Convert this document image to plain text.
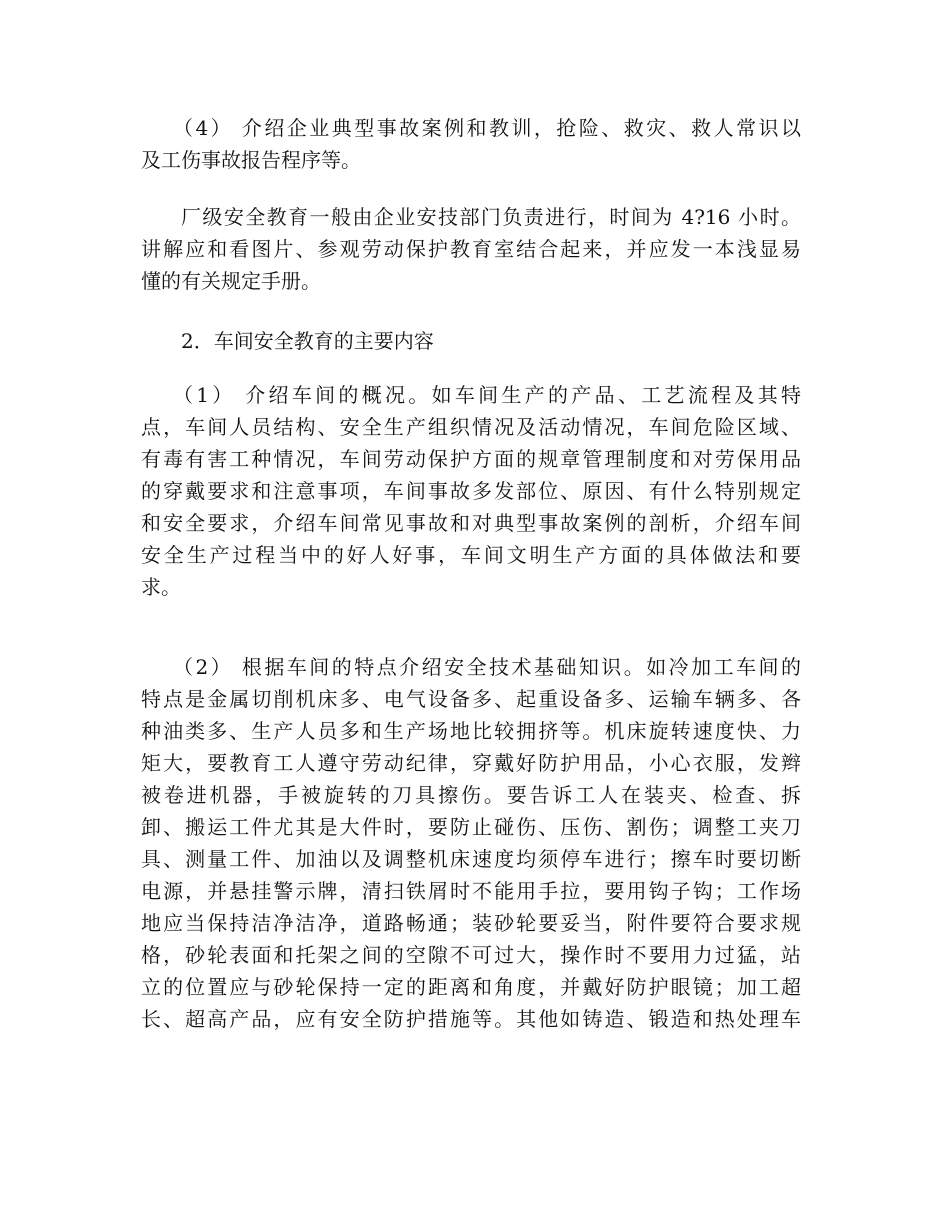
（4） 介绍企业典型事故案例和教训，抢险、救灾、救人常识以
及工伤事故报告程序等。
厂级安全教育一般由企业安技部门负责进行，时间为 4?16 小时。
讲解应和看图片、参观劳动保护教育室结合起来，并应发一本浅显易
懂的有关规定手册。
2．车间安全教育的主要内容
（1） 介绍车间的概况。如车间生产的产品、工艺流程及其特
点，车间人员结构、安全生产组织情况及活动情况，车间危险区域、
有毒有害工种情况，车间劳动保护方面的规章管理制度和对劳保用品
的穿戴要求和注意事项，车间事故多发部位、原因、有什么特别规定
和安全要求，介绍车间常见事故和对典型事故案例的剖析，介绍车间
安全生产过程当中的好人好事，车间文明生产方面的具体做法和要
求。
（2） 根据车间的特点介绍安全技术基础知识。如冷加工车间的
特点是金属切削机床多、电气设备多、起重设备多、运输车辆多、各
种油类多、生产人员多和生产场地比较拥挤等。机床旋转速度快、力
矩大，要教育工人遵守劳动纪律，穿戴好防护用品，小心衣服，发辫
被卷进机器，手被旋转的刀具擦伤。要告诉工人在装夹、检查、拆
卸、搬运工件尤其是大件时，要防止碰伤、压伤、割伤；调整工夹刀
具、测量工件、加油以及调整机床速度均须停车进行；擦车时要切断
电源，并悬挂警示牌，清扫铁屑时不能用手拉，要用钩子钩；工作场
地应当保持洁净洁净，道路畅通；装砂轮要妥当，附件要符合要求规
格，砂轮表面和托架之间的空隙不可过大，操作时不要用力过猛，站
立的位置应与砂轮保持一定的距离和角度，并戴好防护眼镜；加工超
长、超高产品，应有安全防护措施等。其他如铸造、锻造和热处理车
